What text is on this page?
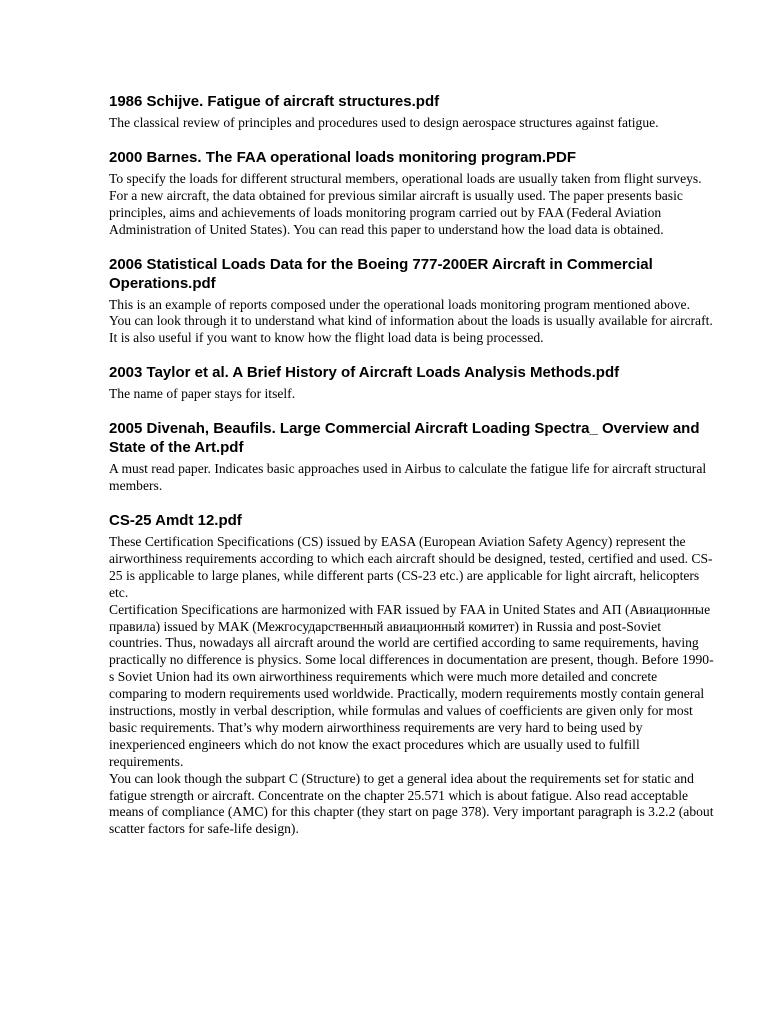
1986 Schijve. Fatigue of aircraft structures.pdf

The classical review of principles and procedures used to design aerospace structures against fatigue.

2000 Barnes. The FAA operational loads monitoring program.PDF

To specify the loads for different structural members, operational loads are usually taken from flight surveys. For a new aircraft, the data obtained for previous similar aircraft is usually used. The paper presents basic principles, aims and achievements of loads monitoring program carried out by FAA (Federal Aviation Administration of United States). You can read this paper to understand how the load data is obtained.

2006 Statistical Loads Data for the Boeing 777-200ER Aircraft in Commercial Operations.pdf

This is an example of reports composed under the operational loads monitoring program mentioned above. You can look through it to understand what kind of information about the loads is usually available for aircraft. It is also useful if you want to know how the flight load data is being processed.

2003 Taylor et al. A Brief History of Aircraft Loads Analysis Methods.pdf

The name of paper stays for itself.

2005 Divenah, Beaufils. Large Commercial Aircraft Loading Spectra_ Overview and State of the Art.pdf

A must read paper. Indicates basic approaches used in Airbus to calculate the fatigue life for aircraft structural members.

CS-25 Amdt 12.pdf

These Certification Specifications (CS) issued by EASA (European Aviation Safety Agency) represent the airworthiness requirements according to which each aircraft should be designed, tested, certified and used. CS-25 is applicable to large planes, while different parts (CS-23 etc.) are applicable for light aircraft, helicopters etc.

Certification Specifications are harmonized with FAR issued by FAA in United States and АП (Авиационные правила) issued by МАК (Межгосударственный авиационный комитет) in Russia and post-Soviet countries. Thus, nowadays all aircraft around the world are certified according to same requirements, having practically no difference is physics. Some local differences in documentation are present, though. Before 1990-s Soviet Union had its own airworthiness requirements which were much more detailed and concrete comparing to modern requirements used worldwide. Practically, modern requirements mostly contain general instructions, mostly in verbal description, while formulas and values of coefficients are given only for most basic requirements. That’s why modern airworthiness requirements are very hard to being used by inexperienced engineers which do not know the exact procedures which are usually used to fulfill requirements.

You can look though the subpart C (Structure) to get a general idea about the requirements set for static and fatigue strength or aircraft. Concentrate on the chapter 25.571 which is about fatigue. Also read acceptable means of compliance (AMC) for this chapter (they start on page 378). Very important paragraph is 3.2.2 (about scatter factors for safe-life design).
